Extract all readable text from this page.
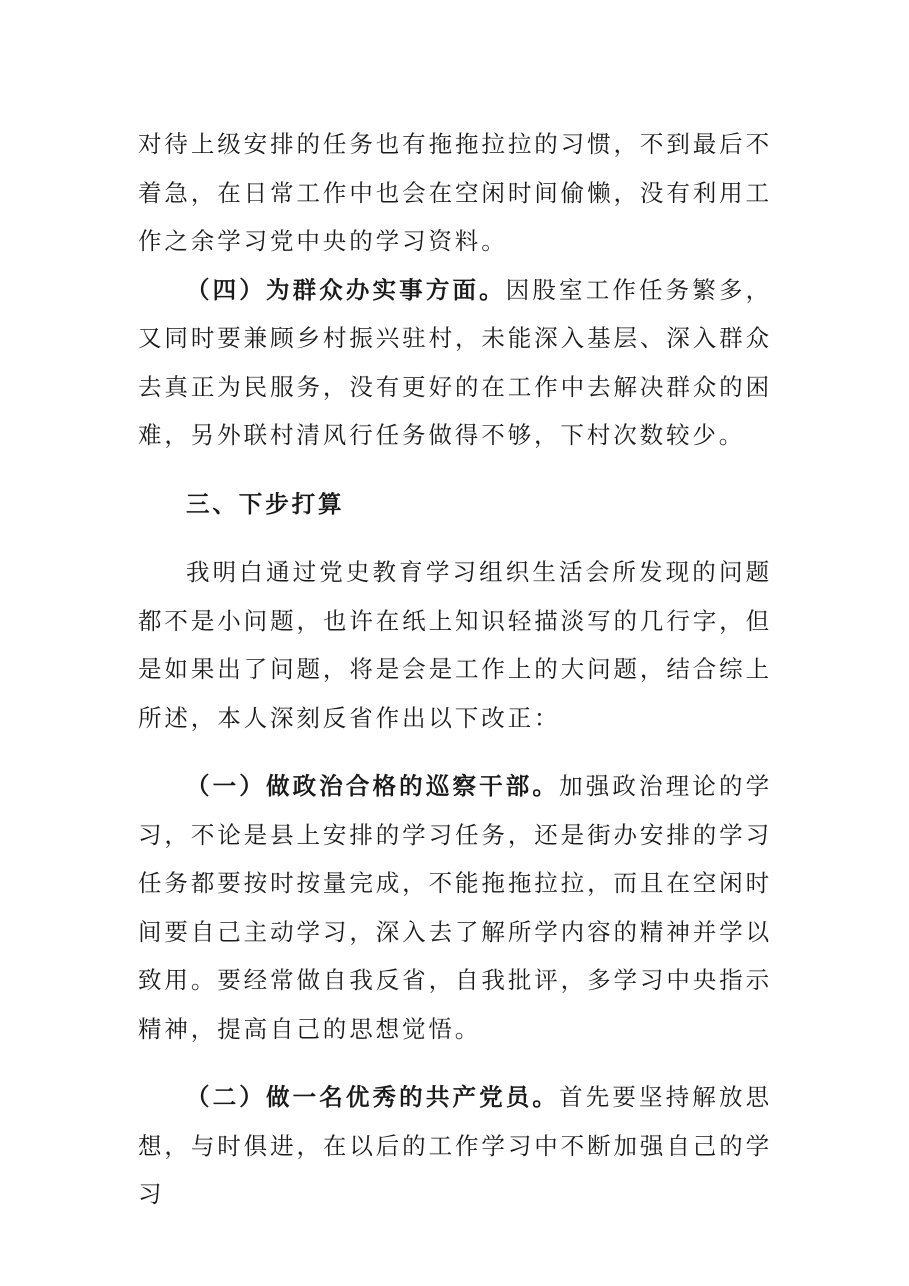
对待上级安排的任务也有拖拖拉拉的习惯，不到最后不着急，在日常工作中也会在空闲时间偷懒，没有利用工作之余学习党中央的学习资料。

（四）为群众办实事方面。因股室工作任务繁多，又同时要兼顾乡村振兴驻村，未能深入基层、深入群众去真正为民服务，没有更好的在工作中去解决群众的困难，另外联村清风行任务做得不够，下村次数较少。

三、下步打算

我明白通过党史教育学习组织生活会所发现的问题都不是小问题，也许在纸上知识轻描淡写的几行字，但是如果出了问题，将是会是工作上的大问题，结合综上所述，本人深刻反省作出以下改正：

（一）做政治合格的巡察干部。加强政治理论的学习，不论是县上安排的学习任务，还是街办安排的学习任务都要按时按量完成，不能拖拖拉拉，而且在空闲时间要自己主动学习，深入去了解所学内容的精神并学以致用。要经常做自我反省，自我批评，多学习中央指示精神，提高自己的思想觉悟。

（二）做一名优秀的共产党员。首先要坚持解放思想，与时俱进，在以后的工作学习中不断加强自己的学习
